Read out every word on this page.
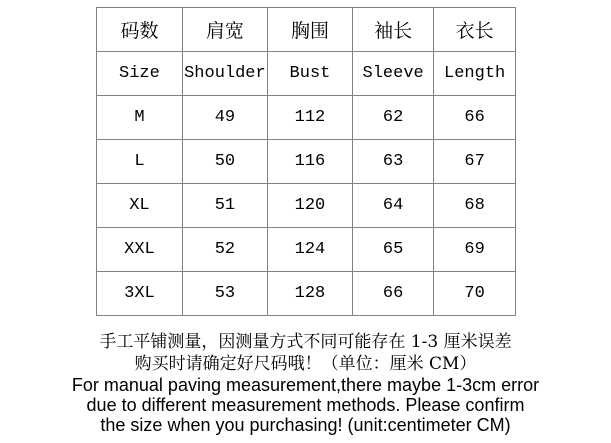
码数	肩宽	胸围	袖长	衣长
Size	Shoulder	Bust	Sleeve	Length
M	49	112	62	66
L	50	116	63	67
XL	51	120	64	68
XXL	52	124	65	69
3XL	53	128	66	70
手工平铺测量，因测量方式不同可能存在 1-3 厘米误差
购买时请确定好尺码哦！（单位：厘米 CM）
For manual paving measurement,there maybe 1-3cm error
due to different measurement methods. Please confirm
the size when you purchasing! (unit:centimeter CM)
